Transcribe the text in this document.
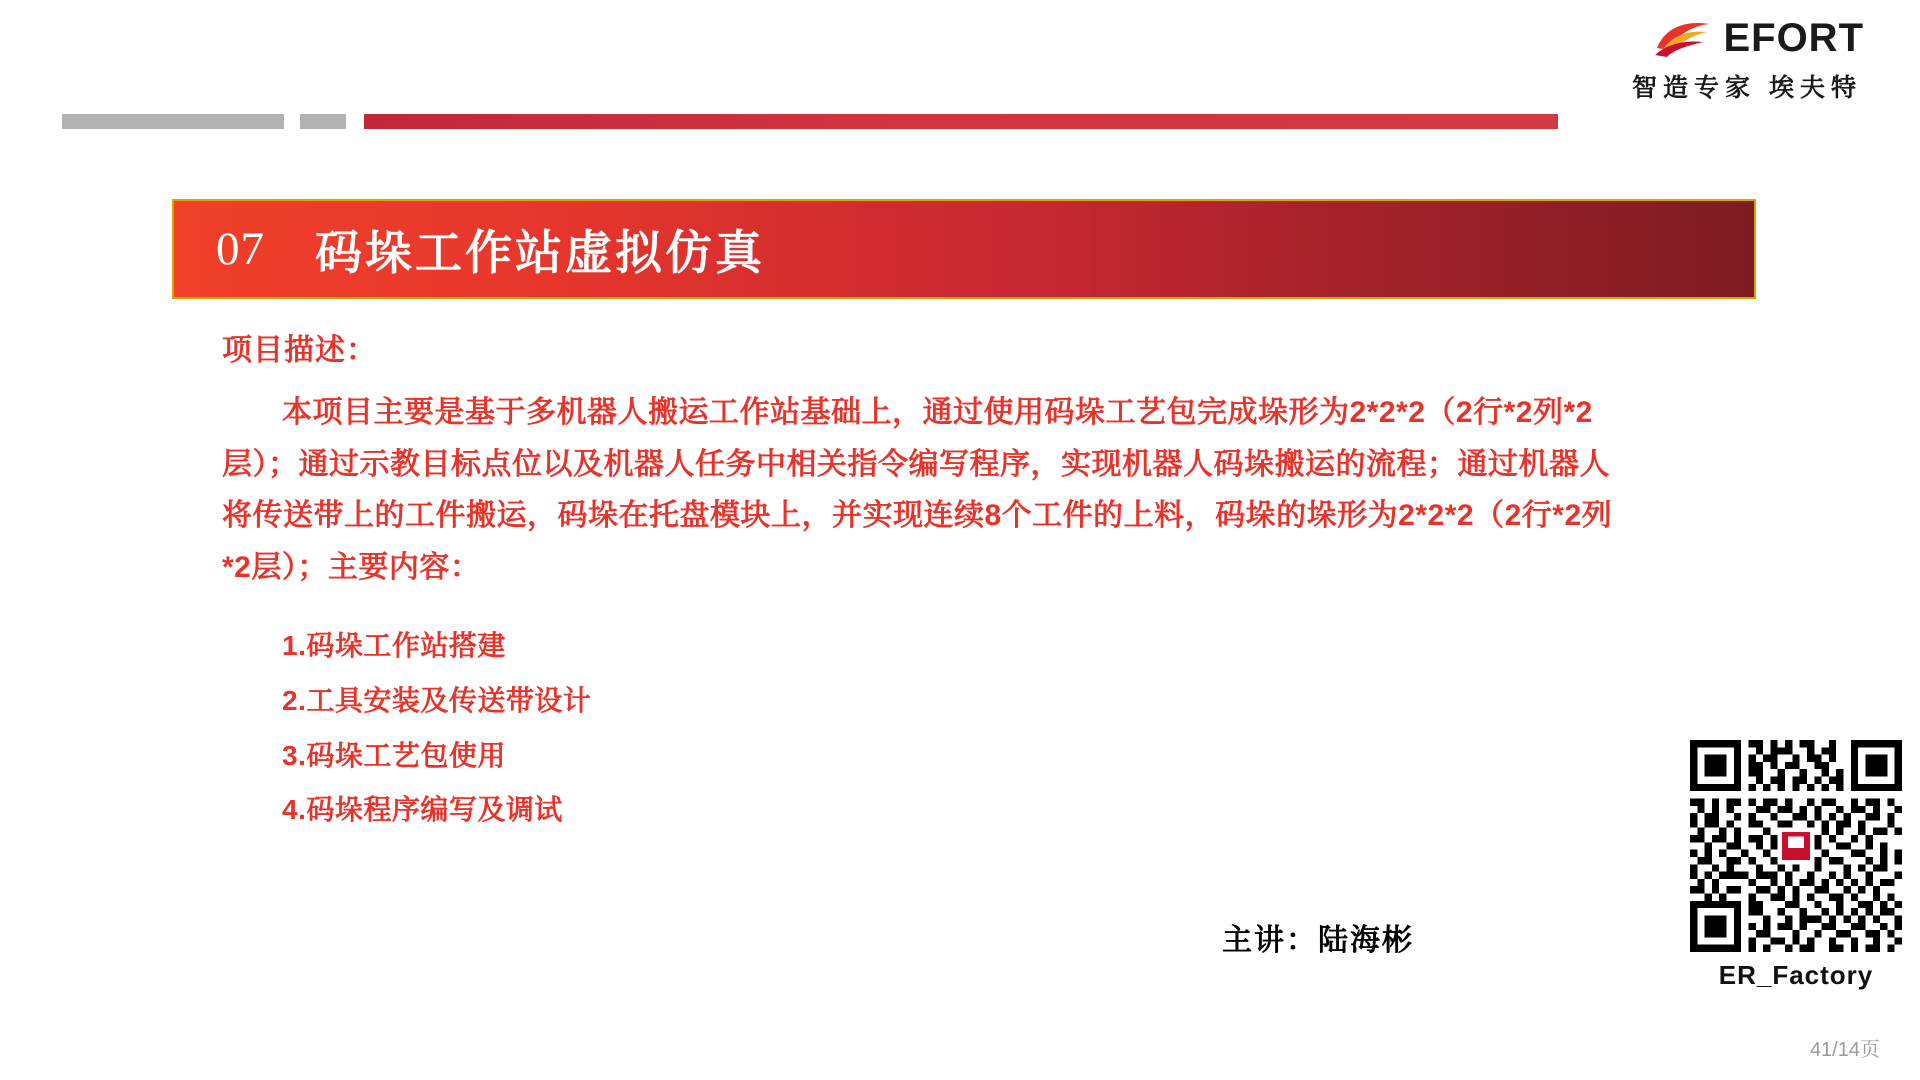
EFORT
智造专家 埃夫特
07 码垛工作站虚拟仿真
项目描述：
本项目主要是基于多机器人搬运工作站基础上，通过使用码垛工艺包完成垛形为2*2*2（2行*2列*2层）；通过示教目标点位以及机器人任务中相关指令编写程序，实现机器人码垛搬运的流程；通过机器人将传送带上的工件搬运，码垛在托盘模块上，并实现连续8个工件的上料，码垛的垛形为2*2*2（2行*2列*2层）；主要内容：
1.码垛工作站搭建
2.工具安装及传送带设计
3.码垛工艺包使用
4.码垛程序编写及调试
主讲：陆海彬
ER_Factory
41/14页
